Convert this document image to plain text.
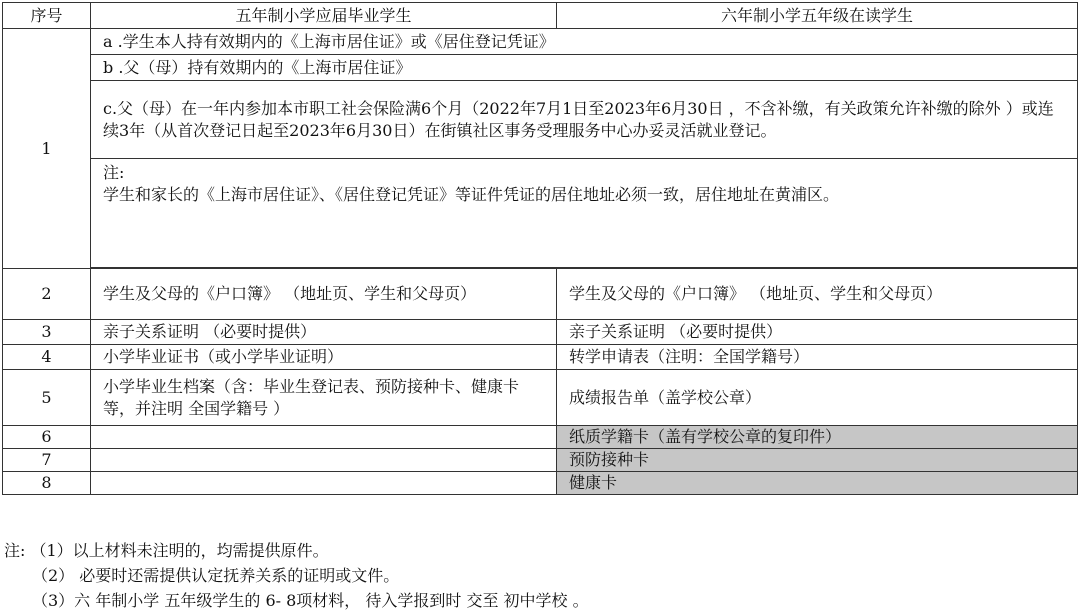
序号	五年制小学应届毕业学生	六年制小学五年级在读学生
1	a .学生本人持有效期内的《上海市居住证》或《居住登记凭证》	
	b .父（母）持有效期内的《上海市居住证》	
	c.父（母）在一年内参加本市职工社会保险满6个月（2022年7月1日至2023年6月30日 ，不含补缴，有关政策允许补缴的除外 ）或连续3年（从首次登记日起至2023年6月30日）在街镇社区事务受理服务中心办妥灵活就业登记。	

	注:
学生和家长的《上海市居住证》、《居住登记凭证》等证件凭证的居住地址必须一致，居住地址在黄浦区。	

2	学生及父母的《户口簿》 （地址页、学生和父母页）	学生及父母的《户口簿》 （地址页、学生和父母页）
3	亲子关系证明 （必要时提供）	亲子关系证明 （必要时提供）
4	小学毕业证书（或小学毕业证明）	转学申请表（注明：全国学籍号）
5	小学毕业生档案（含：毕业生登记表、预防接种卡、健康卡等，并注明 全国学籍号 ）	成绩报告单（盖学校公章）
6		纸质学籍卡（盖有学校公章的复印件）
7		预防接种卡
8		健康卡
注: （1）以上材料未注明的，均需提供原件。
（2） 必要时还需提供认定抚养关系的证明或文件。
（3）六 年制小学 五年级学生的 6- 8项材料， 待入学报到时 交至 初中学校 。
